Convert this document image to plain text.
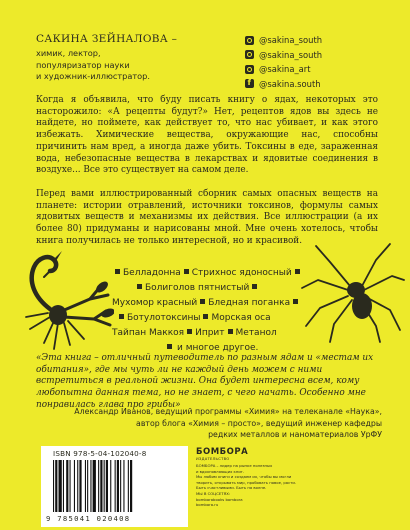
САКИНА ЗЕЙНАЛОВА –
химик, лектор,
популяризатор науки
и художник-иллюстратор.
@sakina_south
@sakina_south
@sakina_art
f
@sakina.south

Когда я объявила, что буду писать книгу о ядах, некоторых это насторожило: «А рецепты будут?» Нет, рецептов ядов вы здесь не найдете, но поймете, как действует то, что нас убивает, и как этого избежать. Химические вещества, окружающие нас, способны причинить нам вред, а иногда даже убить. Токсины в еде, зараженная вода, небезопасные вещества в лекарствах и ядовитые соединения в воздухе... Все это существует на самом деле.

Перед вами иллюстрированный сборник самых опасных веществ на планете: истории отравлений, источники токсинов, формулы самых ядовитых веществ и механизмы их действия. Все иллюстрации (а их более 80) придуманы и нарисованы мной. Мне очень хотелось, чтобы книга получилась не только интересной, но и красивой.

Белладонна Стрихнос ядоносный
Болиголов пятнистый
Мухомор красный Бледная поганка
Ботулотоксины Морская оса
Тайпан Маккоя Иприт Метанол
и многое другое.

«Эта книга – отличный путеводитель по разным ядам и «местам их обитания», где мы чуть ли не каждый день можем с ними встретиться в реальной жизни. Она будет интересна всем, кому любопытна данная тема, но не знает, с чего начать. Особенно мне понравилась глава про грибы»

Александр Иванов, ведущий программы «Химия» на телеканале «Наука»,
автор блога «Химия – просто», ведущий инженер кафедры
редких металлов и наноматериалов УрФУ
ISBN 978-5-04-102040-8
9 785041 020408
БОМБОРА
ИЗДАТЕЛЬСТВО
БОМБОРА – лидер на рынке полезных
и вдохновляющих книг.
Мы любим книги и создаем их, чтобы вы могли
творить, открывать мир, пробовать новое, расти.
Быть счастливыми. Быть на волне.
МЫ В СОЦСЕТЯХ:
bomborabooks bombora
bombora.ru
